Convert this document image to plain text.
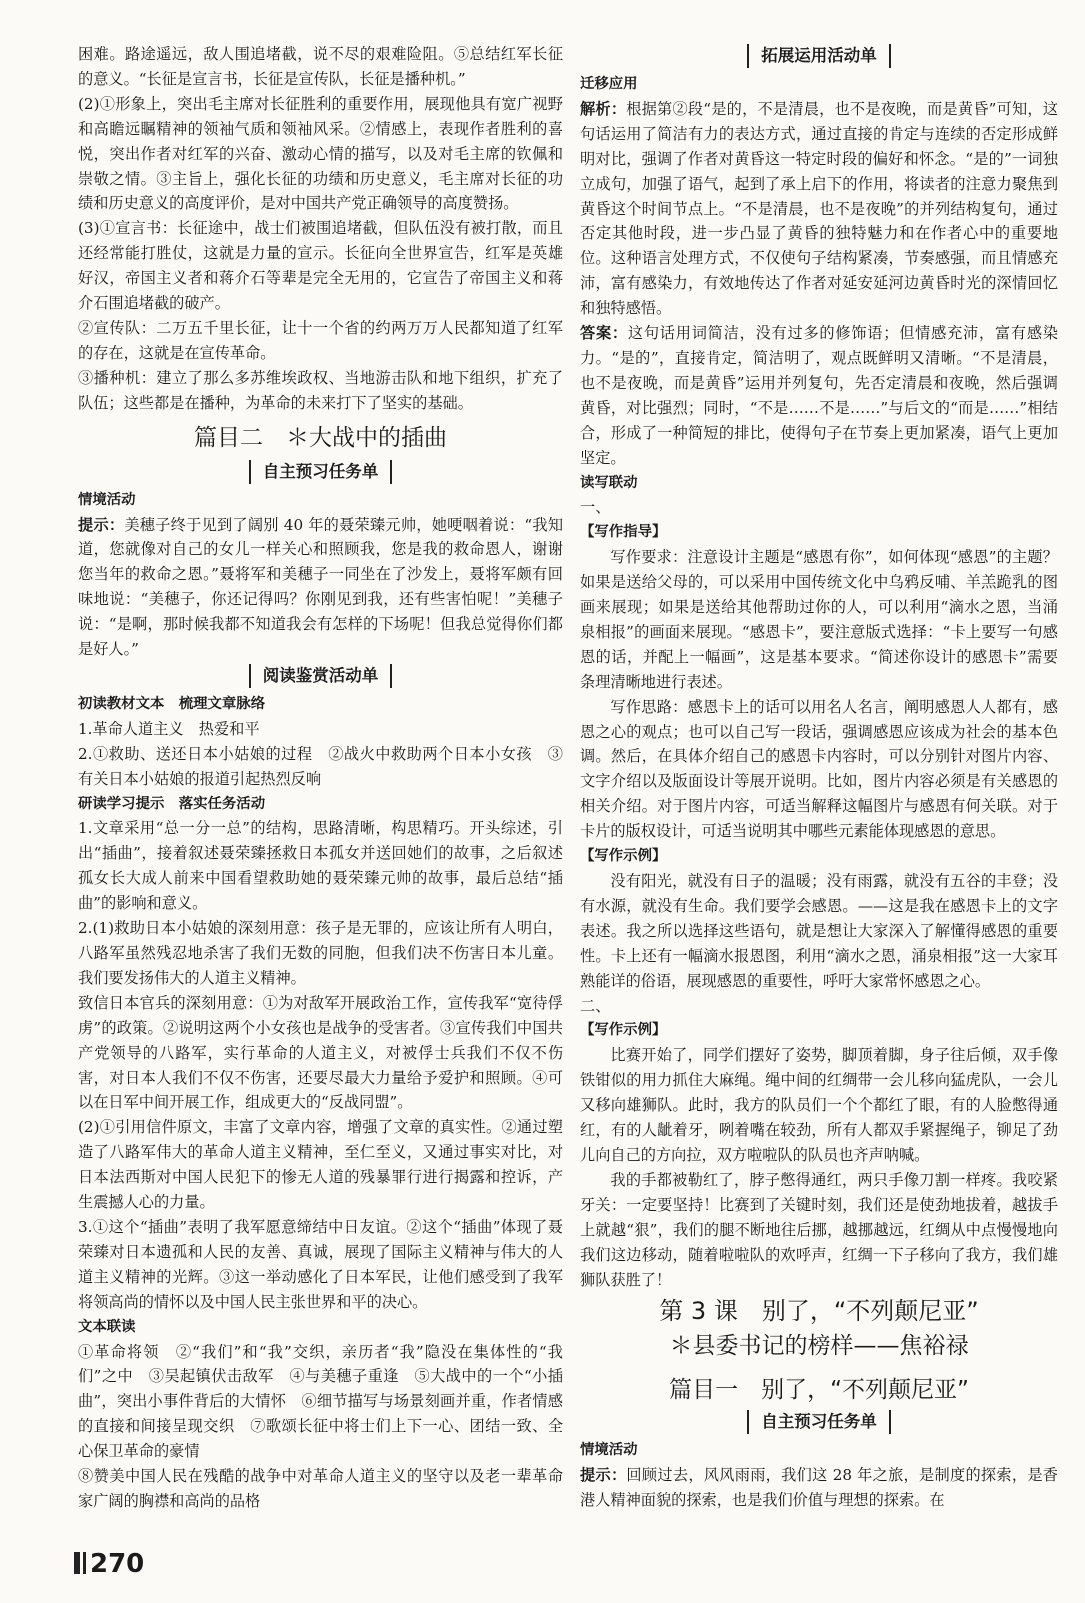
困难。路途遥远，敌人围追堵截，说不尽的艰难险阻。⑤总结红军长征的意义。“长征是宣言书，长征是宣传队，长征是播种机。”

(2)①形象上，突出毛主席对长征胜利的重要作用，展现他具有宽广视野和高瞻远瞩精神的领袖气质和领袖风采。②情感上，表现作者胜利的喜悦，突出作者对红军的兴奋、激动心情的描写，以及对毛主席的钦佩和崇敬之情。③主旨上，强化长征的功绩和历史意义，毛主席对长征的功绩和历史意义的高度评价，是对中国共产党正确领导的高度赞扬。

(3)①宣言书：长征途中，战士们被围追堵截，但队伍没有被打散，而且还经常能打胜仗，这就是力量的宣示。长征向全世界宣告，红军是英雄好汉，帝国主义者和蒋介石等辈是完全无用的，它宣告了帝国主义和蒋介石围追堵截的破产。

②宣传队：二万五千里长征，让十一个省的约两万万人民都知道了红军的存在，这就是在宣传革命。

③播种机：建立了那么多苏维埃政权、当地游击队和地下组织，扩充了队伍；这些都是在播种，为革命的未来打下了坚实的基础。

篇目二　＊大战中的插曲
自主预习任务单

情境活动

提示：美穗子终于见到了阔别 40 年的聂荣臻元帅，她哽咽着说：“我知道，您就像对自己的女儿一样关心和照顾我，您是我的救命恩人，谢谢您当年的救命之恩。”聂将军和美穗子一同坐在了沙发上，聂将军颇有回味地说：“美穗子，你还记得吗？你刚见到我，还有些害怕呢！”美穗子说：“是啊，那时候我都不知道我会有怎样的下场呢！但我总觉得你们都是好人。”

阅读鉴赏活动单

初读教材文本　梳理文章脉络

1.革命人道主义　热爱和平

2.①救助、送还日本小姑娘的过程　②战火中救助两个日本小女孩　③有关日本小姑娘的报道引起热烈反响

研读学习提示　落实任务活动

1.文章采用“总一分一总”的结构，思路清晰，构思精巧。开头综述，引出“插曲”，接着叙述聂荣臻拯救日本孤女并送回她们的故事，之后叙述孤女长大成人前来中国看望救助她的聂荣臻元帅的故事，最后总结“插曲”的影响和意义。

2.(1)救助日本小姑娘的深刻用意：孩子是无罪的，应该让所有人明白，八路军虽然残忍地杀害了我们无数的同胞，但我们决不伤害日本儿童。我们要发扬伟大的人道主义精神。

致信日本官兵的深刻用意：①为对敌军开展政治工作，宣传我军“宽待俘虏”的政策。②说明这两个小女孩也是战争的受害者。③宣传我们中国共产党领导的八路军，实行革命的人道主义，对被俘士兵我们不仅不伤害，对日本人我们不仅不伤害，还要尽最大力量给予爱护和照顾。④可以在日军中间开展工作，组成更大的“反战同盟”。

(2)①引用信件原文，丰富了文章内容，增强了文章的真实性。②通过塑造了八路军伟大的革命人道主义精神，至仁至义，又通过事实对比，对日本法西斯对中国人民犯下的惨无人道的残暴罪行进行揭露和控诉，产生震撼人心的力量。

3.①这个“插曲”表明了我军愿意缔结中日友谊。②这个“插曲”体现了聂荣臻对日本遗孤和人民的友善、真诚，展现了国际主义精神与伟大的人道主义精神的光辉。③这一举动感化了日本军民，让他们感受到了我军将领高尚的情怀以及中国人民主张世界和平的决心。

文本联读

①革命将领　②“我们”和“我”交织，亲历者“我”隐没在集体性的“我们”之中　③吴起镇伏击敌军　④与美穗子重逢　⑤大战中的一个“小插曲”，突出小事件背后的大情怀　⑥细节描写与场景刻画并重，作者情感的直接和间接呈现交织　⑦歌颂长征中将士们上下一心、团结一致、全心保卫革命的豪情

⑧赞美中国人民在残酷的战争中对革命人道主义的坚守以及老一辈革命家广阔的胸襟和高尚的品格

拓展运用活动单

迁移应用

解析：根据第②段“是的，不是清晨，也不是夜晚，而是黄昏”可知，这句话运用了简洁有力的表达方式，通过直接的肯定与连续的否定形成鲜明对比，强调了作者对黄昏这一特定时段的偏好和怀念。“是的”一词独立成句，加强了语气，起到了承上启下的作用，将读者的注意力聚焦到黄昏这个时间节点上。“不是清晨，也不是夜晚”的并列结构复句，通过否定其他时段，进一步凸显了黄昏的独特魅力和在作者心中的重要地位。这种语言处理方式，不仅使句子结构紧凑，节奏感强，而且情感充沛，富有感染力，有效地传达了作者对延安延河边黄昏时光的深情回忆和独特感悟。

答案：这句话用词简洁，没有过多的修饰语；但情感充沛，富有感染力。“是的”，直接肯定，简洁明了，观点既鲜明又清晰。“不是清晨，也不是夜晚，而是黄昏”运用并列复句，先否定清晨和夜晚，然后强调黄昏，对比强烈；同时，“不是……不是……”与后文的“而是……”相结合，形成了一种简短的排比，使得句子在节奏上更加紧凑，语气上更加坚定。

读写联动

一、

【写作指导】

写作要求：注意设计主题是“感恩有你”，如何体现“感恩”的主题？如果是送给父母的，可以采用中国传统文化中乌鸦反哺、羊羔跪乳的图画来展现；如果是送给其他帮助过你的人，可以利用“滴水之恩，当涌泉相报”的画面来展现。“感恩卡”，要注意版式选择：“卡上要写一句感恩的话，并配上一幅画”，这是基本要求。“简述你设计的感恩卡”需要条理清晰地进行表述。

写作思路：感恩卡上的话可以用名人名言，阐明感恩人人都有，感恩之心的观点；也可以自己写一段话，强调感恩应该成为社会的基本色调。然后，在具体介绍自己的感恩卡内容时，可以分别针对图片内容、文字介绍以及版面设计等展开说明。比如，图片内容必须是有关感恩的相关介绍。对于图片内容，可适当解释这幅图片与感恩有何关联。对于卡片的版权设计，可适当说明其中哪些元素能体现感恩的意思。

【写作示例】

没有阳光，就没有日子的温暖；没有雨露，就没有五谷的丰登；没有水源，就没有生命。我们要学会感恩。——这是我在感恩卡上的文字表述。我之所以选择这些语句，就是想让大家深入了解懂得感恩的重要性。卡上还有一幅滴水报恩图，利用“滴水之恩，涌泉相报”这一大家耳熟能详的俗语，展现感恩的重要性，呼吁大家常怀感恩之心。

二、

【写作示例】

比赛开始了，同学们摆好了姿势，脚顶着脚，身子往后倾，双手像铁钳似的用力抓住大麻绳。绳中间的红绸带一会儿移向猛虎队，一会儿又移向雄狮队。此时，我方的队员们一个个都红了眼，有的人脸憋得通红，有的人龇着牙，咧着嘴在较劲，所有人都双手紧握绳子，铆足了劲儿向自己的方向拉，双方啦啦队的队员也齐声呐喊。

我的手都被勒红了，脖子憋得通红，两只手像刀割一样疼。我咬紧牙关：一定要坚持！比赛到了关键时刻，我们还是使劲地拔着，越拔手上就越“狠”，我们的腿不断地往后挪，越挪越远，红绸从中点慢慢地向我们这边移动，随着啦啦队的欢呼声，红绸一下子移向了我方，我们雄狮队获胜了！

第 3 课　别了，“不列颠尼亚”
＊县委书记的榜样——焦裕禄
篇目一　别了，“不列颠尼亚”
自主预习任务单

情境活动

提示：回顾过去，风风雨雨，我们这 28 年之旅，是制度的探索，是香港人精神面貌的探索，也是我们价值与理想的探索。在

270
